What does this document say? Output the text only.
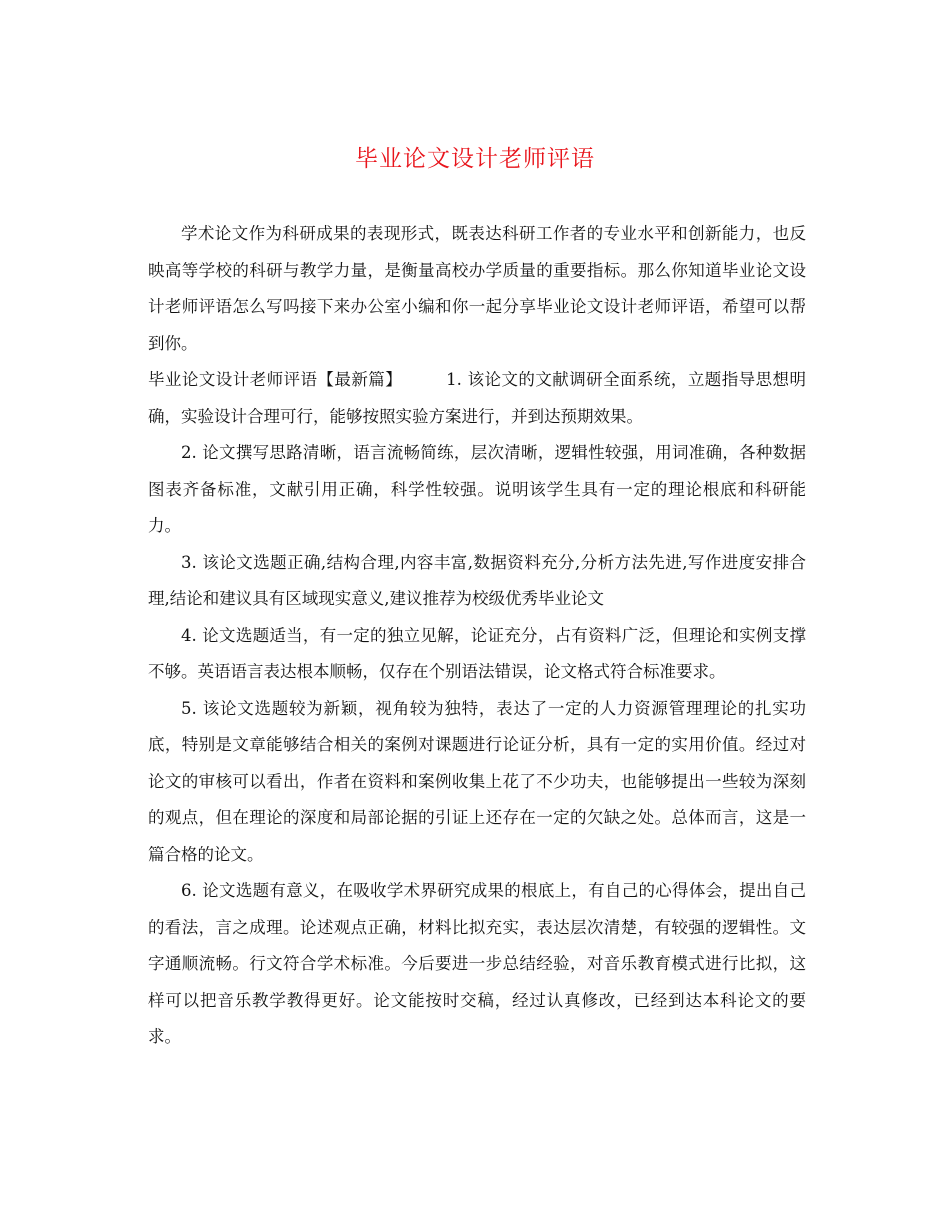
毕业论文设计老师评语

学术论文作为科研成果的表现形式，既表达科研工作者的专业水平和创新能力，也反映高等学校的科研与教学力量，是衡量高校办学质量的重要指标。那么你知道毕业论文设计老师评语怎么写吗接下来办公室小编和你一起分享毕业论文设计老师评语，希望可以帮到你。

毕业论文设计老师评语【最新篇】	1. 该论文的文献调研全面系统，立题指导思想明确，实验设计合理可行，能够按照实验方案进行，并到达预期效果。

2. 论文撰写思路清晰，语言流畅简练，层次清晰，逻辑性较强，用词准确，各种数据图表齐备标准，文献引用正确，科学性较强。说明该学生具有一定的理论根底和科研能力。

3. 该论文选题正确,结构合理,内容丰富,数据资料充分,分析方法先进,写作进度安排合理,结论和建议具有区域现实意义,建议推荐为校级优秀毕业论文

4. 论文选题适当，有一定的独立见解，论证充分，占有资料广泛，但理论和实例支撑不够。英语语言表达根本顺畅，仅存在个别语法错误，论文格式符合标准要求。

5. 该论文选题较为新颖，视角较为独特，表达了一定的人力资源管理理论的扎实功底，特别是文章能够结合相关的案例对课题进行论证分析，具有一定的实用价值。经过对论文的审核可以看出，作者在资料和案例收集上花了不少功夫，也能够提出一些较为深刻的观点，但在理论的深度和局部论据的引证上还存在一定的欠缺之处。总体而言，这是一篇合格的论文。

6. 论文选题有意义，在吸收学术界研究成果的根底上，有自己的心得体会，提出自己的看法，言之成理。论述观点正确，材料比拟充实，表达层次清楚，有较强的逻辑性。文字通顺流畅。行文符合学术标准。今后要进一步总结经验，对音乐教育模式进行比拟，这样可以把音乐教学教得更好。论文能按时交稿，经过认真修改，已经到达本科论文的要求。
